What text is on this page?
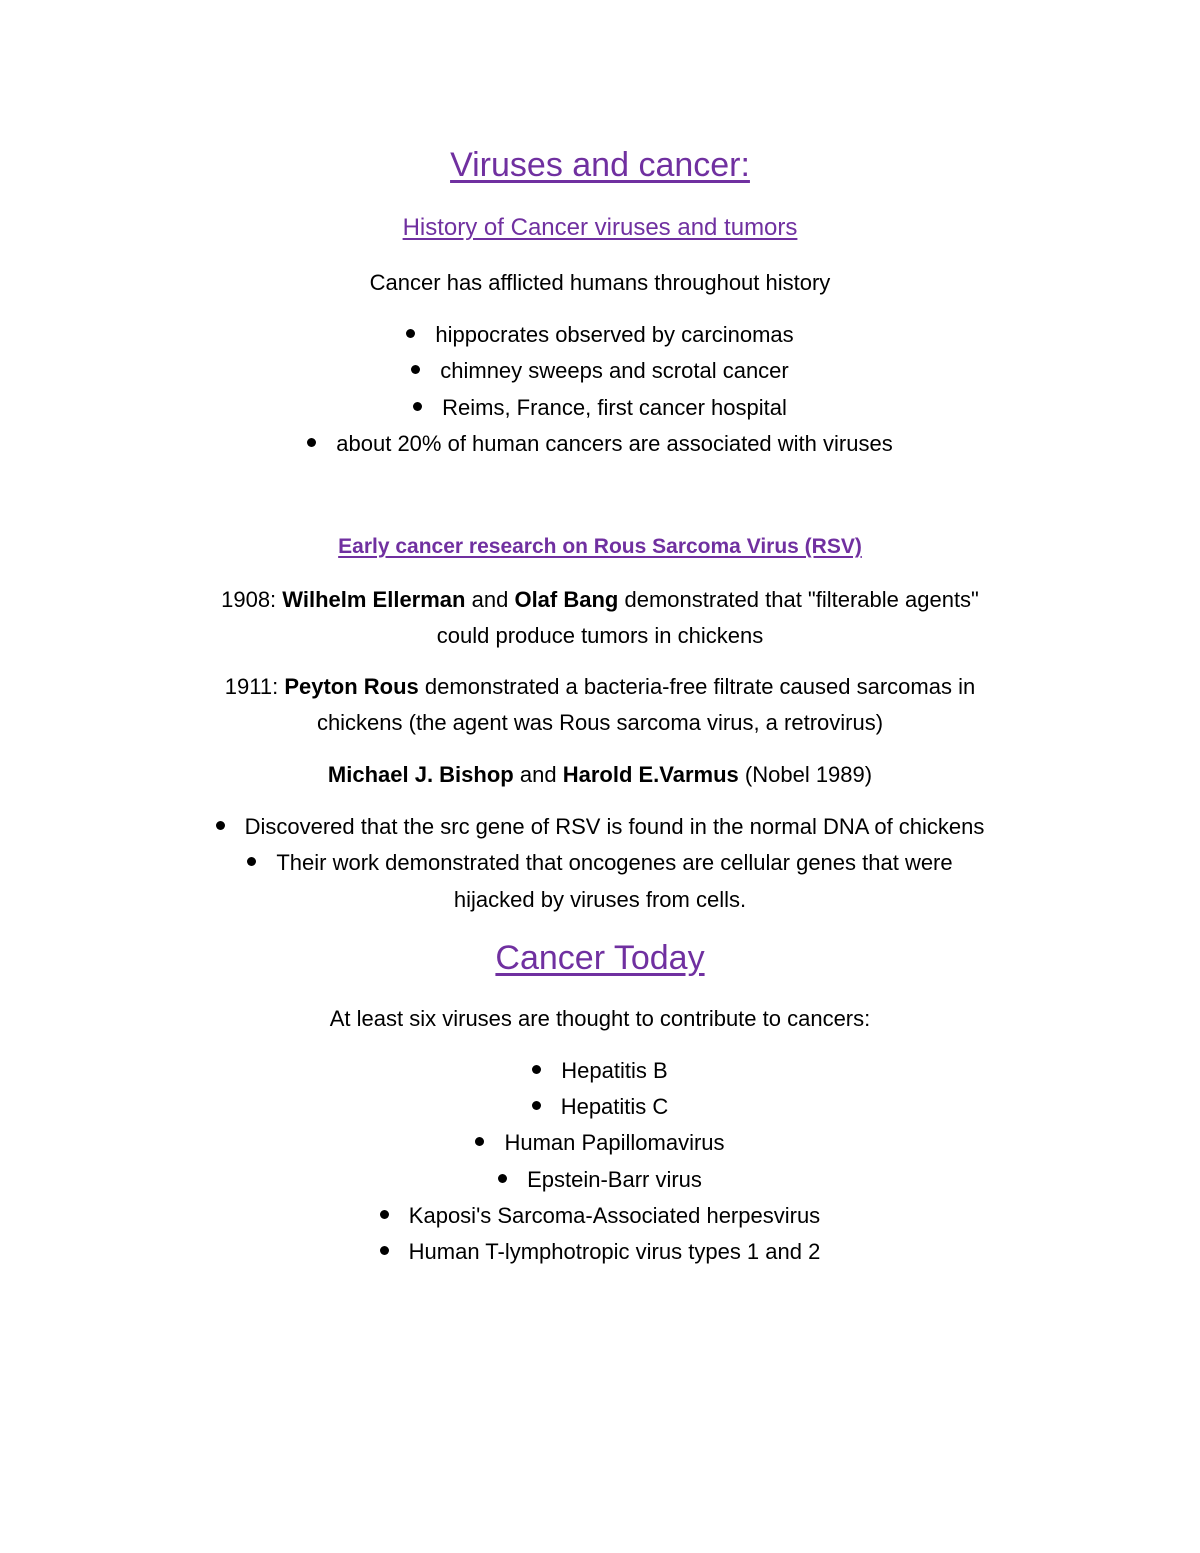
Viruses and cancer:
History of Cancer viruses and tumors
Cancer has afflicted humans throughout history
hippocrates observed by carcinomas
chimney sweeps and scrotal cancer
Reims, France, first cancer hospital
about 20% of human cancers are associated with viruses
Early cancer research on Rous Sarcoma Virus (RSV)
1908: Wilhelm Ellerman and Olaf Bang demonstrated that "filterable agents"
could produce tumors in chickens
1911: Peyton Rous demonstrated a bacteria-free filtrate caused sarcomas in
chickens (the agent was Rous sarcoma virus, a retrovirus)
Michael J. Bishop and Harold E.Varmus (Nobel 1989)
Discovered that the src gene of RSV is found in the normal DNA of chickens
Their work demonstrated that oncogenes are cellular genes that were
hijacked by viruses from cells.
Cancer Today
At least six viruses are thought to contribute to cancers:
Hepatitis B
Hepatitis C
Human Papillomavirus
Epstein-Barr virus
Kaposi's Sarcoma-Associated herpesvirus
Human T-lymphotropic virus types 1 and 2
